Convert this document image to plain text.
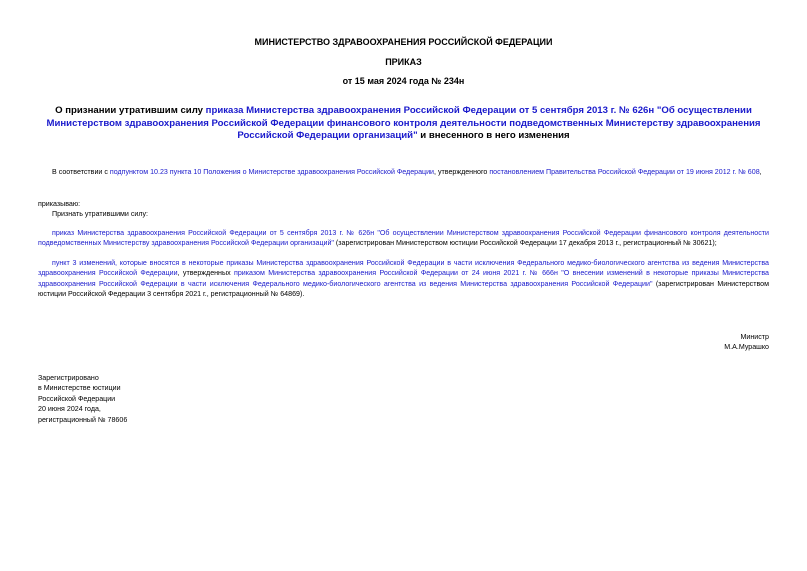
МИНИСТЕРСТВО ЗДРАВООХРАНЕНИЯ РОССИЙСКОЙ ФЕДЕРАЦИИ
ПРИКАЗ
от 15 мая 2024 года № 234н
О признании утратившим силу приказа Министерства здравоохранения Российской Федерации от 5 сентября 2013 г. № 626н "Об осуществлении Министерством здравоохранения Российской Федерации финансового контроля деятельности подведомственных Министерству здравоохранения Российской Федерации организаций" и внесенного в него изменения
В соответствии с подпунктом 10.23 пункта 10 Положения о Министерстве здравоохранения Российской Федерации, утвержденного постановлением Правительства Российской Федерации от 19 июня 2012 г. № 608,
приказываю:
Признать утратившими силу:
приказ Министерства здравоохранения Российской Федерации от 5 сентября 2013 г. № 626н "Об осуществлении Министерством здравоохранения Российской Федерации финансового контроля деятельности подведомственных Министерству здравоохранения Российской Федерации организаций" (зарегистрирован Министерством юстиции Российской Федерации 17 декабря 2013 г., регистрационный № 30621);
пункт 3 изменений, которые вносятся в некоторые приказы Министерства здравоохранения Российской Федерации в части исключения Федерального медико-биологического агентства из ведения Министерства здравоохранения Российской Федерации, утвержденных приказом Министерства здравоохранения Российской Федерации от 24 июня 2021 г. № 666н "О внесении изменений в некоторые приказы Министерства здравоохранения Российской Федерации в части исключения Федерального медико-биологического агентства из ведения Министерства здравоохранения Российской Федерации" (зарегистрирован Министерством юстиции Российской Федерации 3 сентября 2021 г., регистрационный № 64869).
Министр
М.А.Мурашко
Зарегистрировано
в Министерстве юстиции
Российской Федерации
20 июня 2024 года,
регистрационный № 78606
